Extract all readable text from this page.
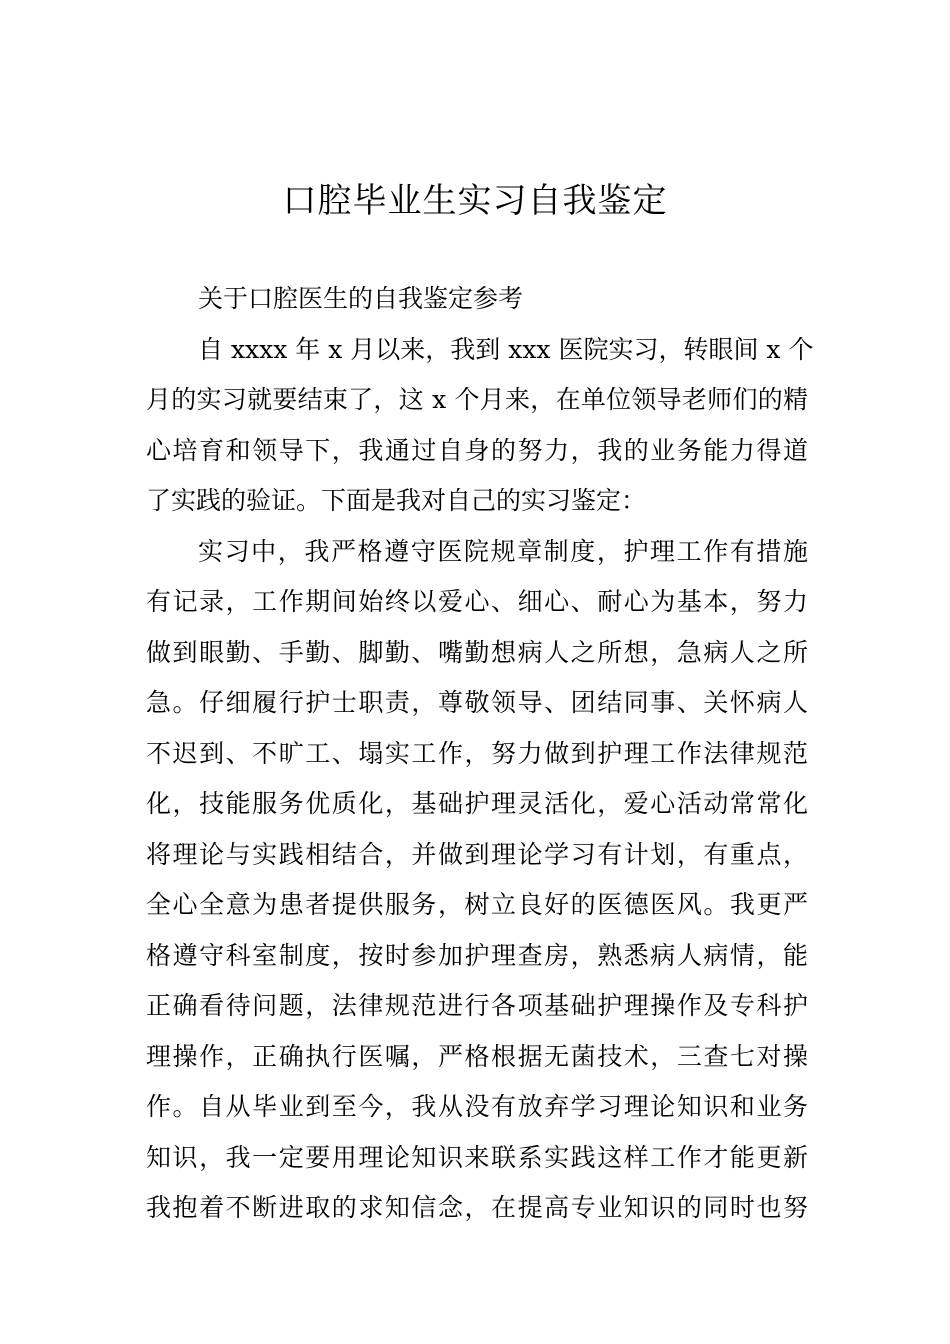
口腔毕业生实习自我鉴定
关于口腔医生的自我鉴定参考
自 xxxx 年 x 月以来，我到 xxx 医院实习，转眼间 x 个
月的实习就要结束了，这 x 个月来，在单位领导老师们的精
心培育和领导下，我通过自身的努力，我的业务能力得道
了实践的验证。下面是我对自己的实习鉴定：
实习中，我严格遵守医院规章制度，护理工作有措施
有记录，工作期间始终以爱心、细心、耐心为基本，努力
做到眼勤、手勤、脚勤、嘴勤想病人之所想，急病人之所
急。仔细履行护士职责，尊敬领导、团结同事、关怀病人
不迟到、不旷工、塌实工作，努力做到护理工作法律规范
化，技能服务优质化，基础护理灵活化，爱心活动常常化
将理论与实践相结合，并做到理论学习有计划，有重点，
全心全意为患者提供服务，树立良好的医德医风。我更严
格遵守科室制度，按时参加护理查房，熟悉病人病情，能
正确看待问题，法律规范进行各项基础护理操作及专科护
理操作，正确执行医嘱，严格根据无菌技术，三查七对操
作。自从毕业到至今，我从没有放弃学习理论知识和业务
知识，我一定要用理论知识来联系实践这样工作才能更新
我抱着不断进取的求知信念，在提高专业知识的同时也努
